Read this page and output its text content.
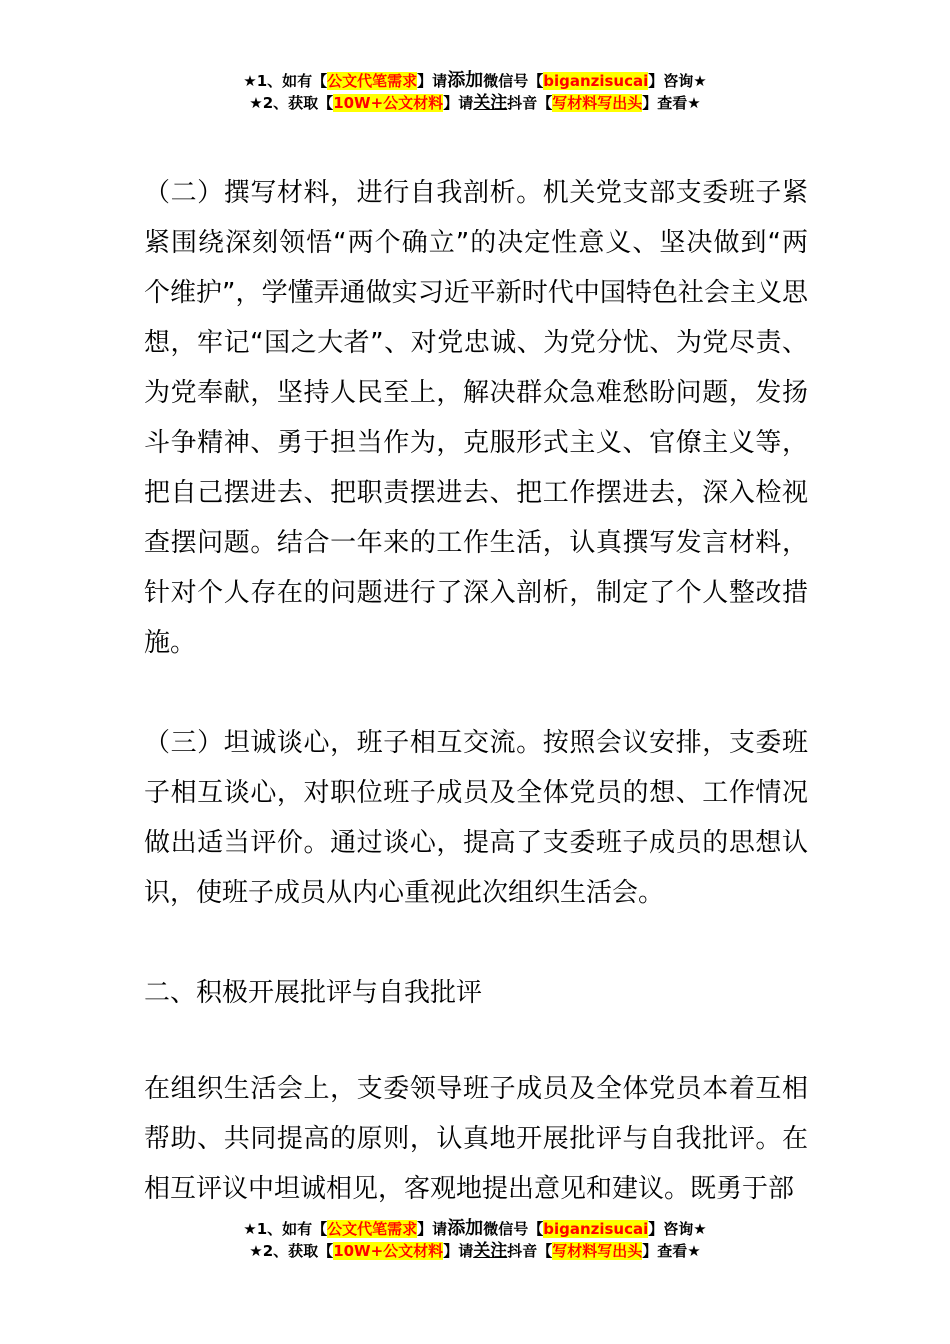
★1、如有【公文代笔需求】请添加微信号【biganzisucai】咨询★
★2、获取【10W+公文材料】请关注抖音【写材料写出头】查看★

（二）撰写材料，进行自我剖析。机关党支部支委班子紧紧围绕深刻领悟“两个确立”的决定性意义、坚决做到“两个维护”，学懂弄通做实习近平新时代中国特色社会主义思想，牢记“国之大者”、对党忠诚、为党分忧、为党尽责、为党奉献，坚持人民至上，解决群众急难愁盼问题，发扬斗争精神、勇于担当作为，克服形式主义、官僚主义等，把自己摆进去、把职责摆进去、把工作摆进去，深入检视查摆问题。结合一年来的工作生活，认真撰写发言材料，针对个人存在的问题进行了深入剖析，制定了个人整改措施。

（三）坦诚谈心，班子相互交流。按照会议安排，支委班子相互谈心，对职位班子成员及全体党员的想、工作情况做出适当评价。通过谈心，提高了支委班子成员的思想认识，使班子成员从内心重视此次组织生活会。

二、积极开展批评与自我批评

在组织生活会上，支委领导班子成员及全体党员本着互相帮助、共同提高的原则，认真地开展批评与自我批评。在相互评议中坦诚相见，客观地提出意见和建议。既勇于部

★1、如有【公文代笔需求】请添加微信号【biganzisucai】咨询★
★2、获取【10W+公文材料】请关注抖音【写材料写出头】查看★
